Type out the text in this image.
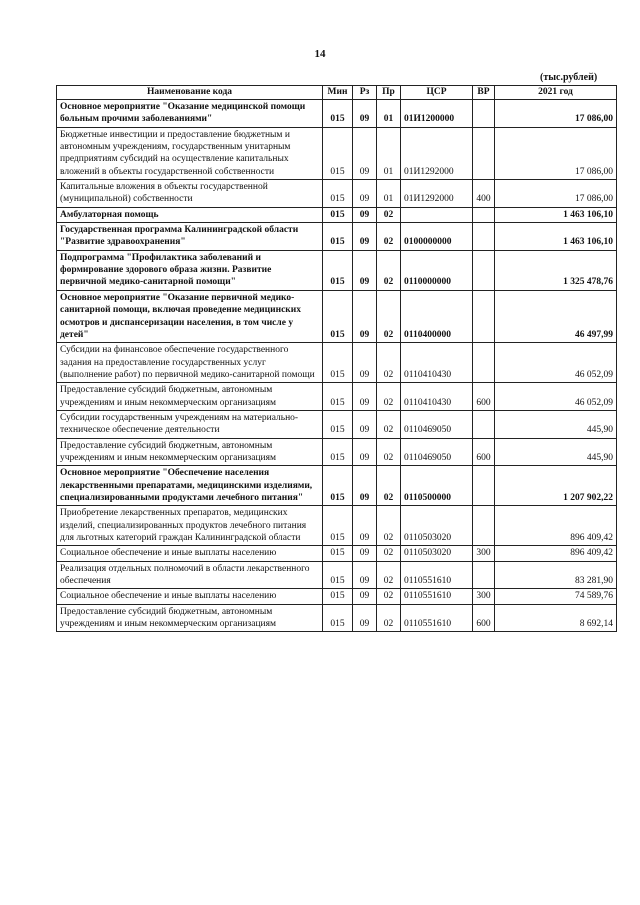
14
(тыс.рублей)
Наименование кода	Мин	Рз	Пр	ЦСР	ВР	2021 год
Основное мероприятие "Оказание медицинской помощи больным прочими заболеваниями"	015	09	01	01И1200000		17 086,00
Бюджетные инвестиции и предоставление бюджетным и автономным учреждениям, государственным унитарным предприятиям субсидий на осуществление капитальных вложений в объекты государственной собственности	015	09	01	01И1292000		17 086,00
Капитальные вложения в объекты государственной (муниципальной) собственности	015	09	01	01И1292000	400	17 086,00
Амбулаторная помощь	015	09	02			1 463 106,10
Государственная программа Калининградской области "Развитие здравоохранения"	015	09	02	0100000000		1 463 106,10
Подпрограмма "Профилактика заболеваний и формирование здорового образа жизни. Развитие первичной медико-санитарной помощи"	015	09	02	0110000000		1 325 478,76
Основное мероприятие "Оказание первичной медико-санитарной помощи, включая проведение медицинских осмотров и диспансеризации населения, в том числе у детей"	015	09	02	0110400000		46 497,99
Субсидии на финансовое обеспечение государственного задания на предоставление государственных услуг (выполнение работ) по первичной медико-санитарной помощи	015	09	02	0110410430		46 052,09
Предоставление субсидий бюджетным, автономным учреждениям и иным некоммерческим организациям	015	09	02	0110410430	600	46 052,09
Субсидии государственным учреждениям на материально-техническое обеспечение деятельности	015	09	02	0110469050		445,90
Предоставление субсидий бюджетным, автономным учреждениям и иным некоммерческим организациям	015	09	02	0110469050	600	445,90
Основное мероприятие "Обеспечение населения лекарственными препаратами, медицинскими изделиями, специализированными продуктами лечебного питания"	015	09	02	0110500000		1 207 902,22
Приобретение лекарственных препаратов, медицинских изделий, специализированных продуктов лечебного питания для льготных категорий граждан Калининградской области	015	09	02	0110503020		896 409,42
Социальное обеспечение и иные выплаты населению	015	09	02	0110503020	300	896 409,42
Реализация отдельных полномочий в области лекарственного обеспечения	015	09	02	0110551610		83 281,90
Социальное обеспечение и иные выплаты населению	015	09	02	0110551610	300	74 589,76
Предоставление субсидий бюджетным, автономным учреждениям и иным некоммерческим организациям	015	09	02	0110551610	600	8 692,14
